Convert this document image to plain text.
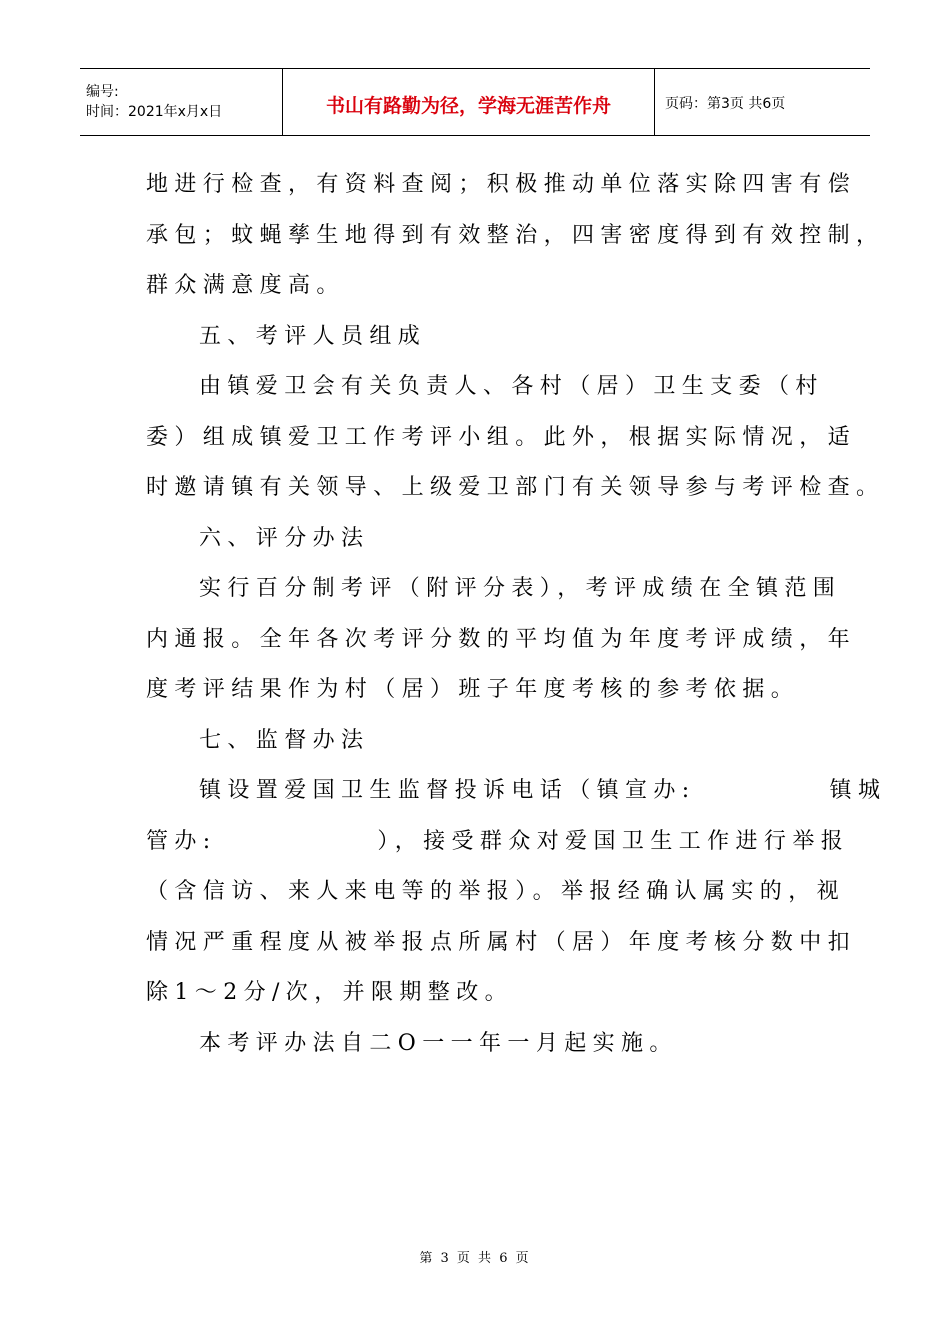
编号:
时间：2021年x月x日	书山有路勤为径，学海无涯苦作舟	页码：第3页 共6页

地进行检查，有资料查阅；积极推动单位落实除四害有偿

承包；蚊蝇孳生地得到有效整治，四害密度得到有效控制，

群众满意度高。

五、考评人员组成

由镇爱卫会有关负责人、各村（居）卫生支委（村

委）组成镇爱卫工作考评小组。此外，根据实际情况，适

时邀请镇有关领导、上级爱卫部门有关领导参与考评检查。

六、评分办法

实行百分制考评（附评分表），考评成绩在全镇范围

内通报。全年各次考评分数的平均值为年度考评成绩，年

度考评结果作为村（居）班子年度考核的参考依据。

七、监督办法

镇设置爱国卫生监督投诉电话（镇宣办:          镇城

管办:            ），接受群众对爱国卫生工作进行举报

（含信访、来人来电等的举报）。举报经确认属实的，视

情况严重程度从被举报点所属村（居）年度考核分数中扣

除1～2分/次，并限期整改。

本考评办法自二О一一年一月起实施。

第 3 页 共 6 页
